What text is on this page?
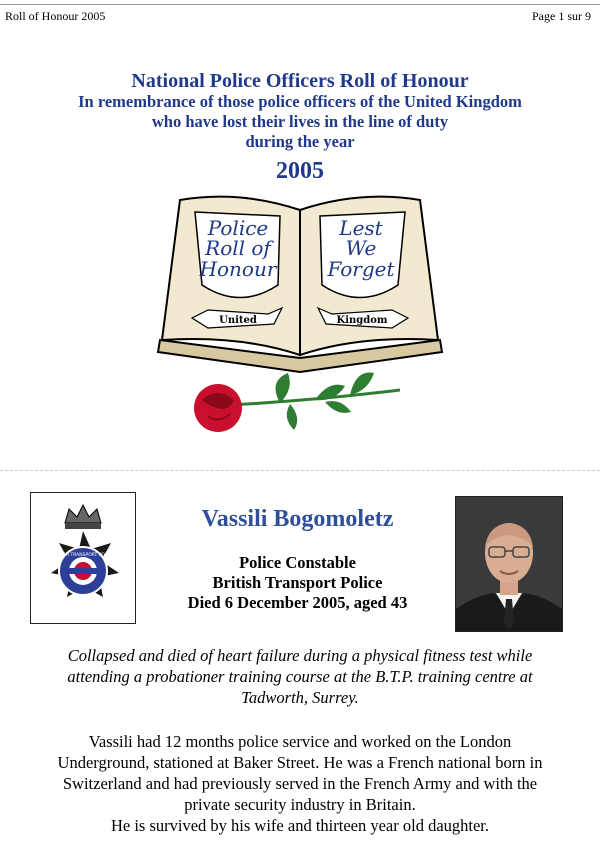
Roll of Honour 2005	Page 1 sur 9
National Police Officers Roll of Honour
In remembrance of those police officers of the United Kingdom
who have lost their lives in the line of duty
during the year
2005
Police
Roll of
Honour
Lest
We
Forget
United	Kingdom
BRITISH TRANSPORT POLICE
Vassili Bogomoletz
Police Constable
British Transport Police
Died 6 December 2005, aged 43
Collapsed and died of heart failure during a physical fitness test while
attending a probationer training course at the B.T.P. training centre at
Tadworth, Surrey.
Vassili had 12 months police service and worked on the London
Underground, stationed at Baker Street. He was a French national born in
Switzerland and had previously served in the French Army and with the
private security industry in Britain.
He is survived by his wife and thirteen year old daughter.
